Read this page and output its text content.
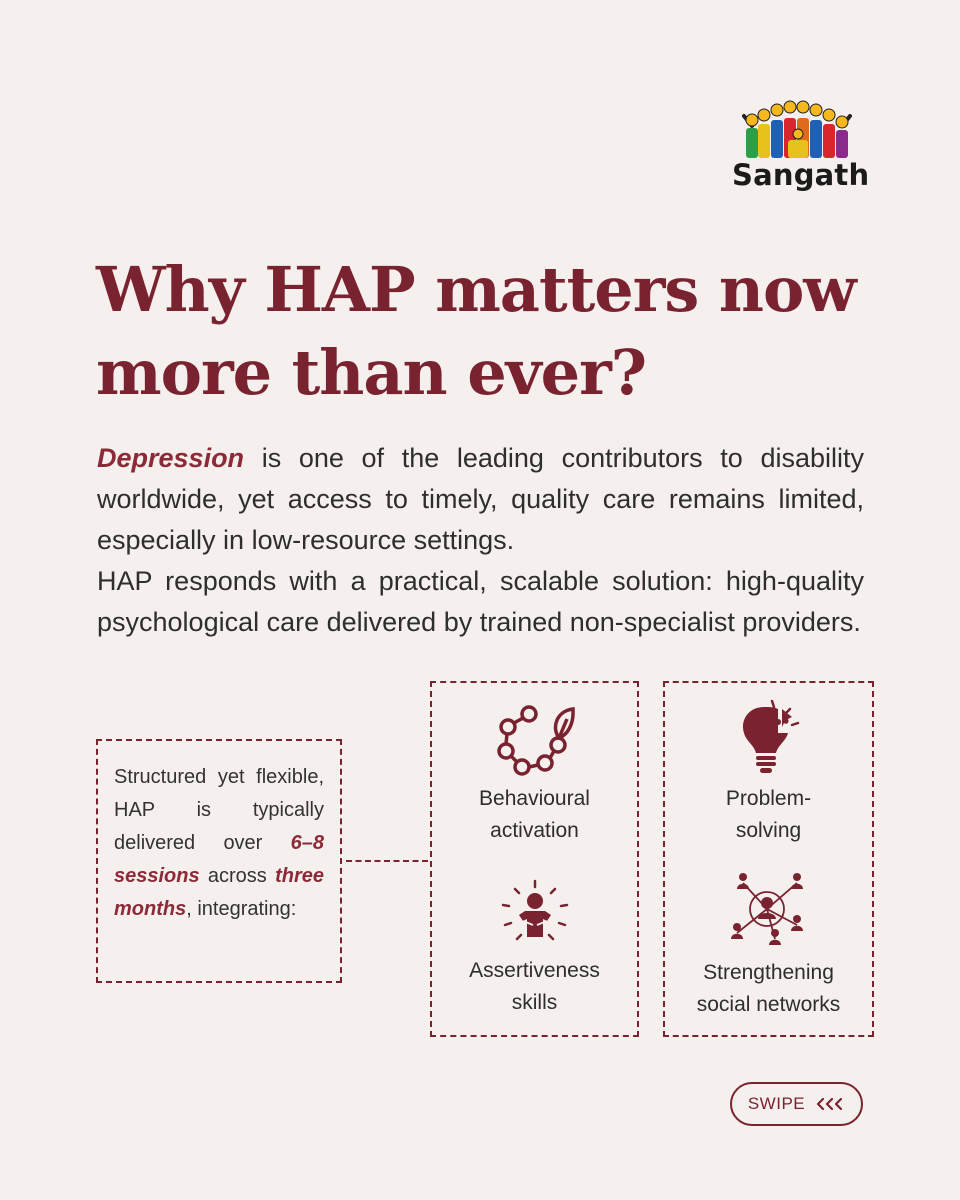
Sangath
Why HAP matters now more than ever?

Depression is one of the leading contributors to disability worldwide, yet access to timely, quality care remains limited, especially in low-resource settings.

HAP responds with a practical, scalable solution: high-quality psychological care delivered by trained non-specialist providers.

Structured yet flexible, HAP is typically delivered over 6–8 sessions across three months, integrating:

Behavioural
activation
Assertiveness
skills
Problem-
solving
Strengthening
social networks
SWIPE
